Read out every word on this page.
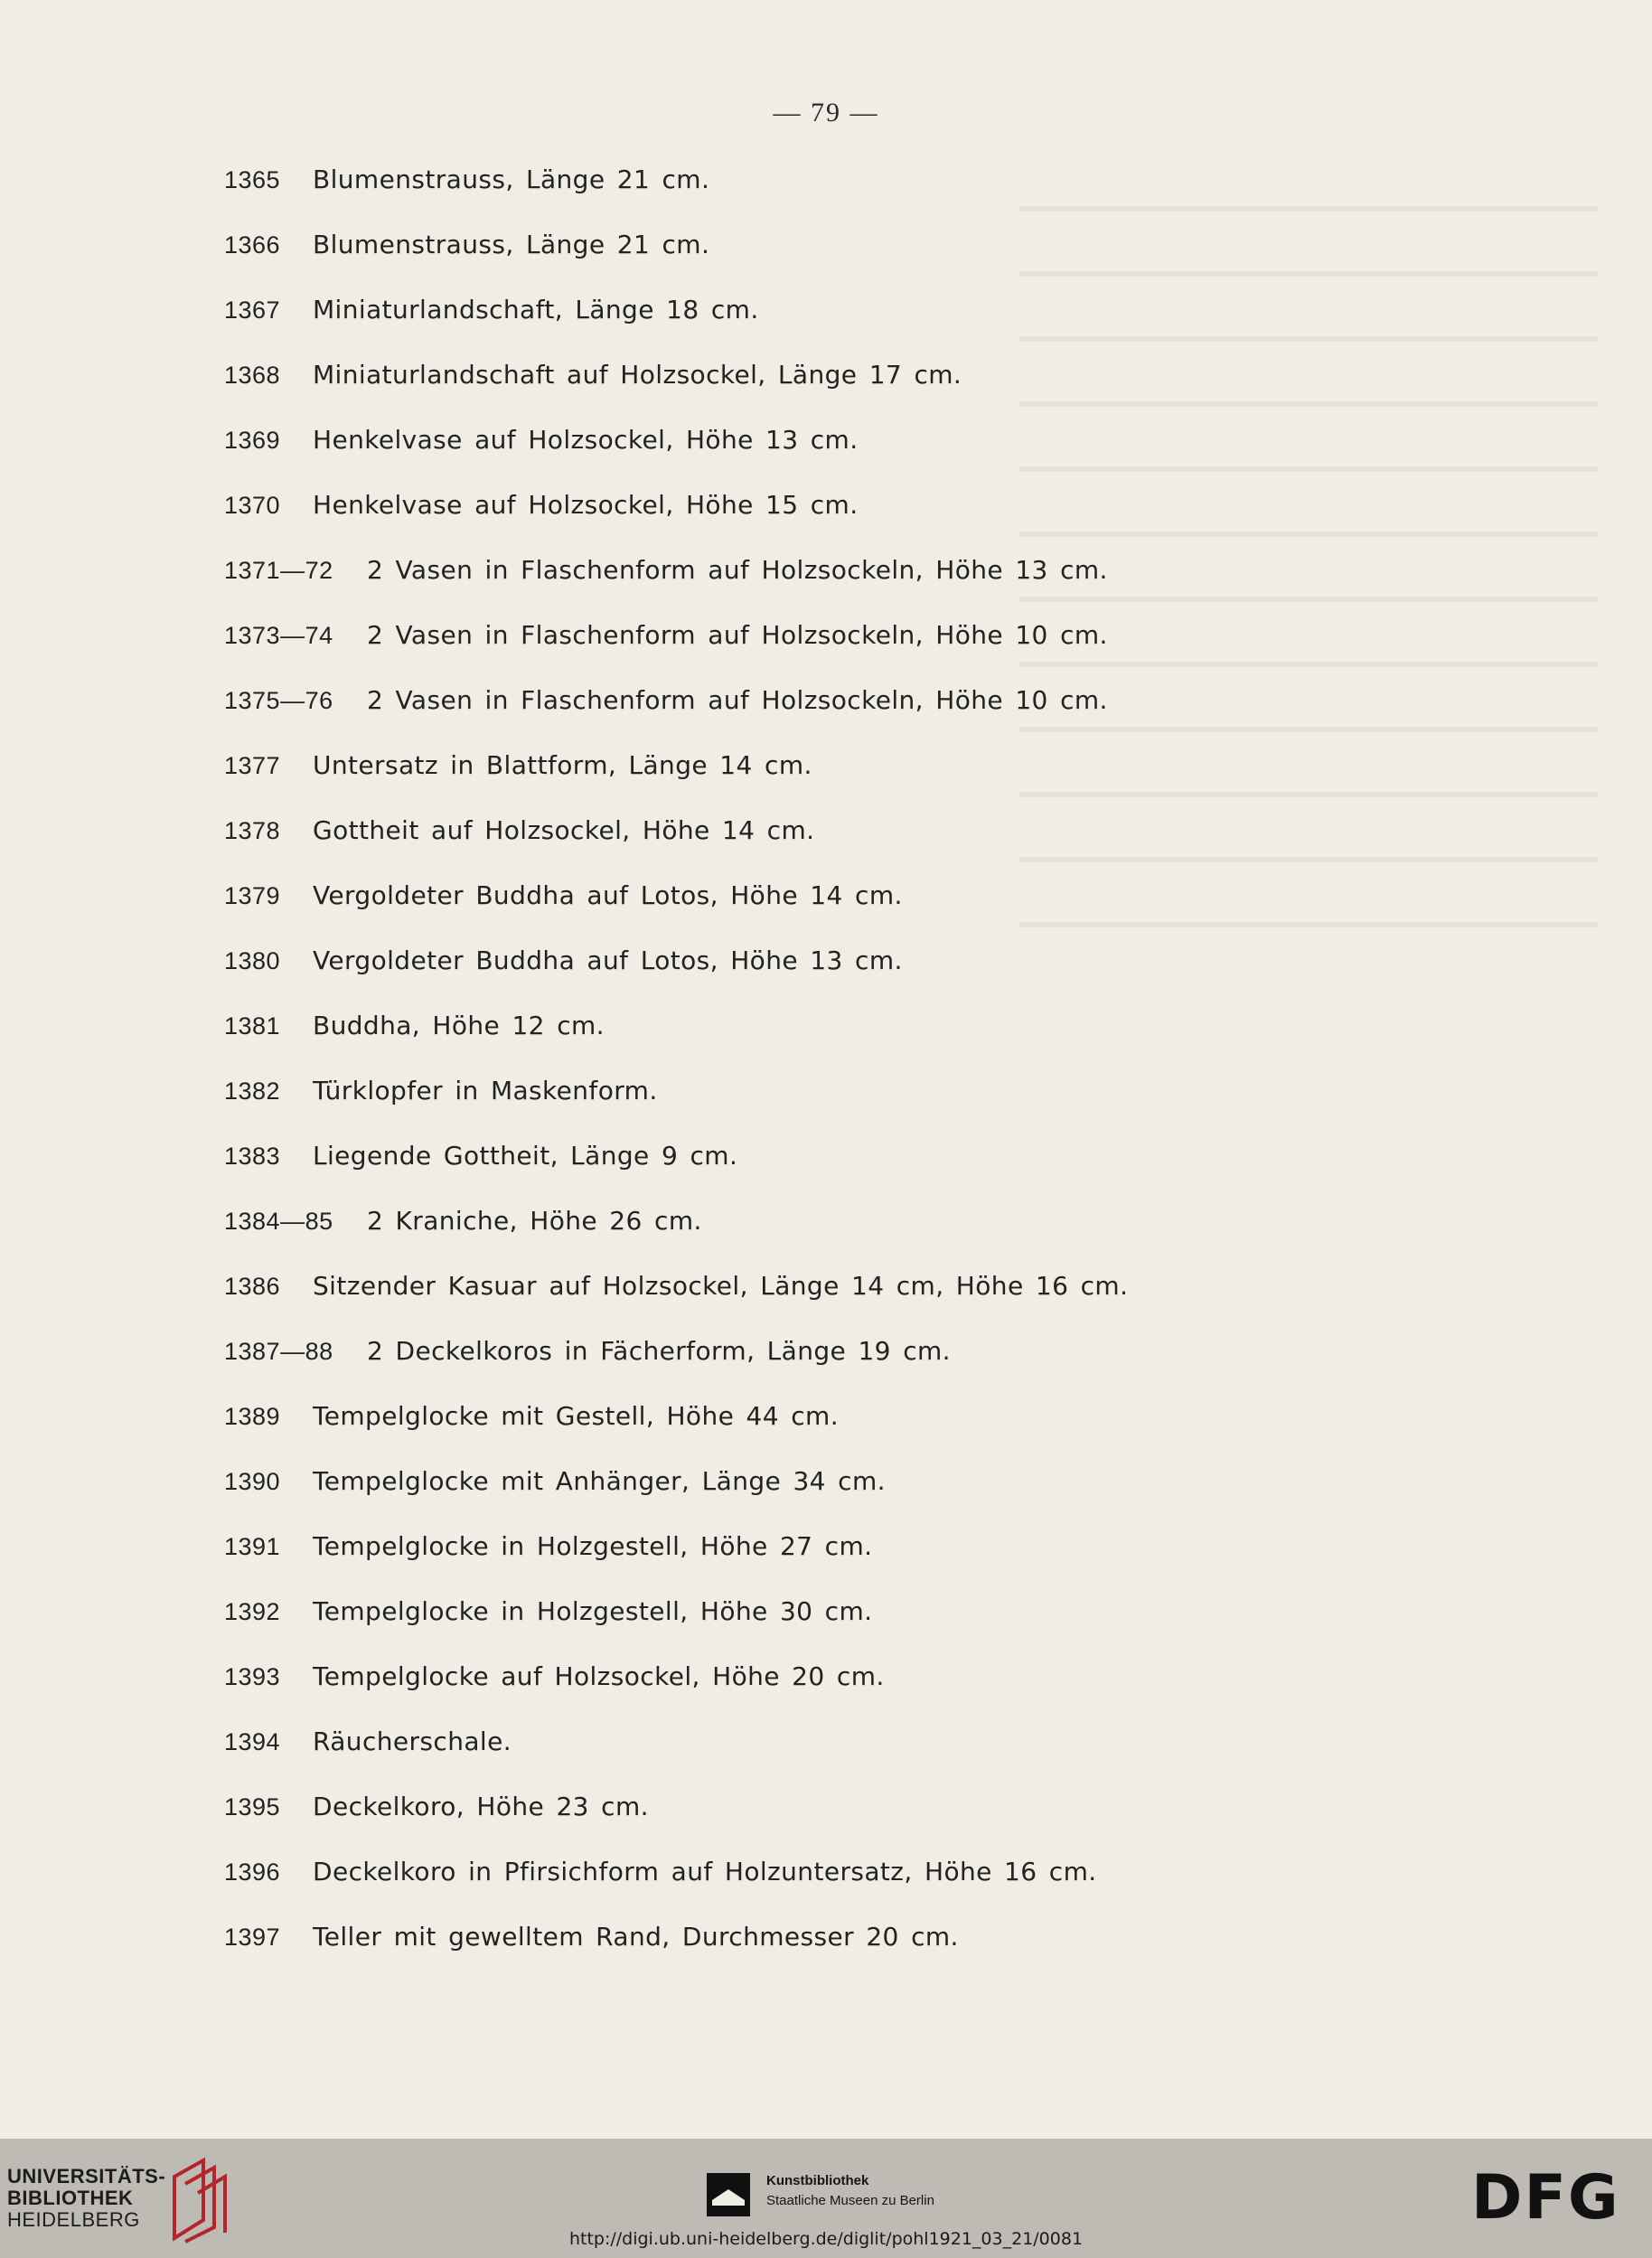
— 79 —
1365	Blumenstrauss, Länge 21 cm.
1366	Blumenstrauss, Länge 21 cm.
1367	Miniaturlandschaft, Länge 18 cm.
1368	Miniaturlandschaft auf Holzsockel, Länge 17 cm.
1369	Henkelvase auf Holzsockel, Höhe 13 cm.
1370	Henkelvase auf Holzsockel, Höhe 15 cm.
1371—72	2 Vasen in Flaschenform auf Holzsockeln, Höhe 13 cm.
1373—74	2 Vasen in Flaschenform auf Holzsockeln, Höhe 10 cm.
1375—76	2 Vasen in Flaschenform auf Holzsockeln, Höhe 10 cm.
1377	Untersatz in Blattform, Länge 14 cm.
1378	Gottheit auf Holzsockel, Höhe 14 cm.
1379	Vergoldeter Buddha auf Lotos, Höhe 14 cm.
1380	Vergoldeter Buddha auf Lotos, Höhe 13 cm.
1381	Buddha, Höhe 12 cm.
1382	Türklopfer in Maskenform.
1383	Liegende Gottheit, Länge 9 cm.
1384—85	2 Kraniche, Höhe 26 cm.
1386	Sitzender Kasuar auf Holzsockel, Länge 14 cm, Höhe 16 cm.
1387—88	2 Deckelkoros in Fächerform, Länge 19 cm.
1389	Tempelglocke mit Gestell, Höhe 44 cm.
1390	Tempelglocke mit Anhänger, Länge 34 cm.
1391	Tempelglocke in Holzgestell, Höhe 27 cm.
1392	Tempelglocke in Holzgestell, Höhe 30 cm.
1393	Tempelglocke auf Holzsockel, Höhe 20 cm.
1394	Räucherschale.
1395	Deckelkoro, Höhe 23 cm.
1396	Deckelkoro in Pfirsichform auf Holzuntersatz, Höhe 16 cm.
1397	Teller mit gewelltem Rand, Durchmesser 20 cm.
UNIVERSITÄTS-
BIBLIOTHEK
HEIDELBERG
Kunstbibliothek
Staatliche Museen zu Berlin	DFG
http://digi.ub.uni-heidelberg.de/diglit/pohl1921_03_21/0081
